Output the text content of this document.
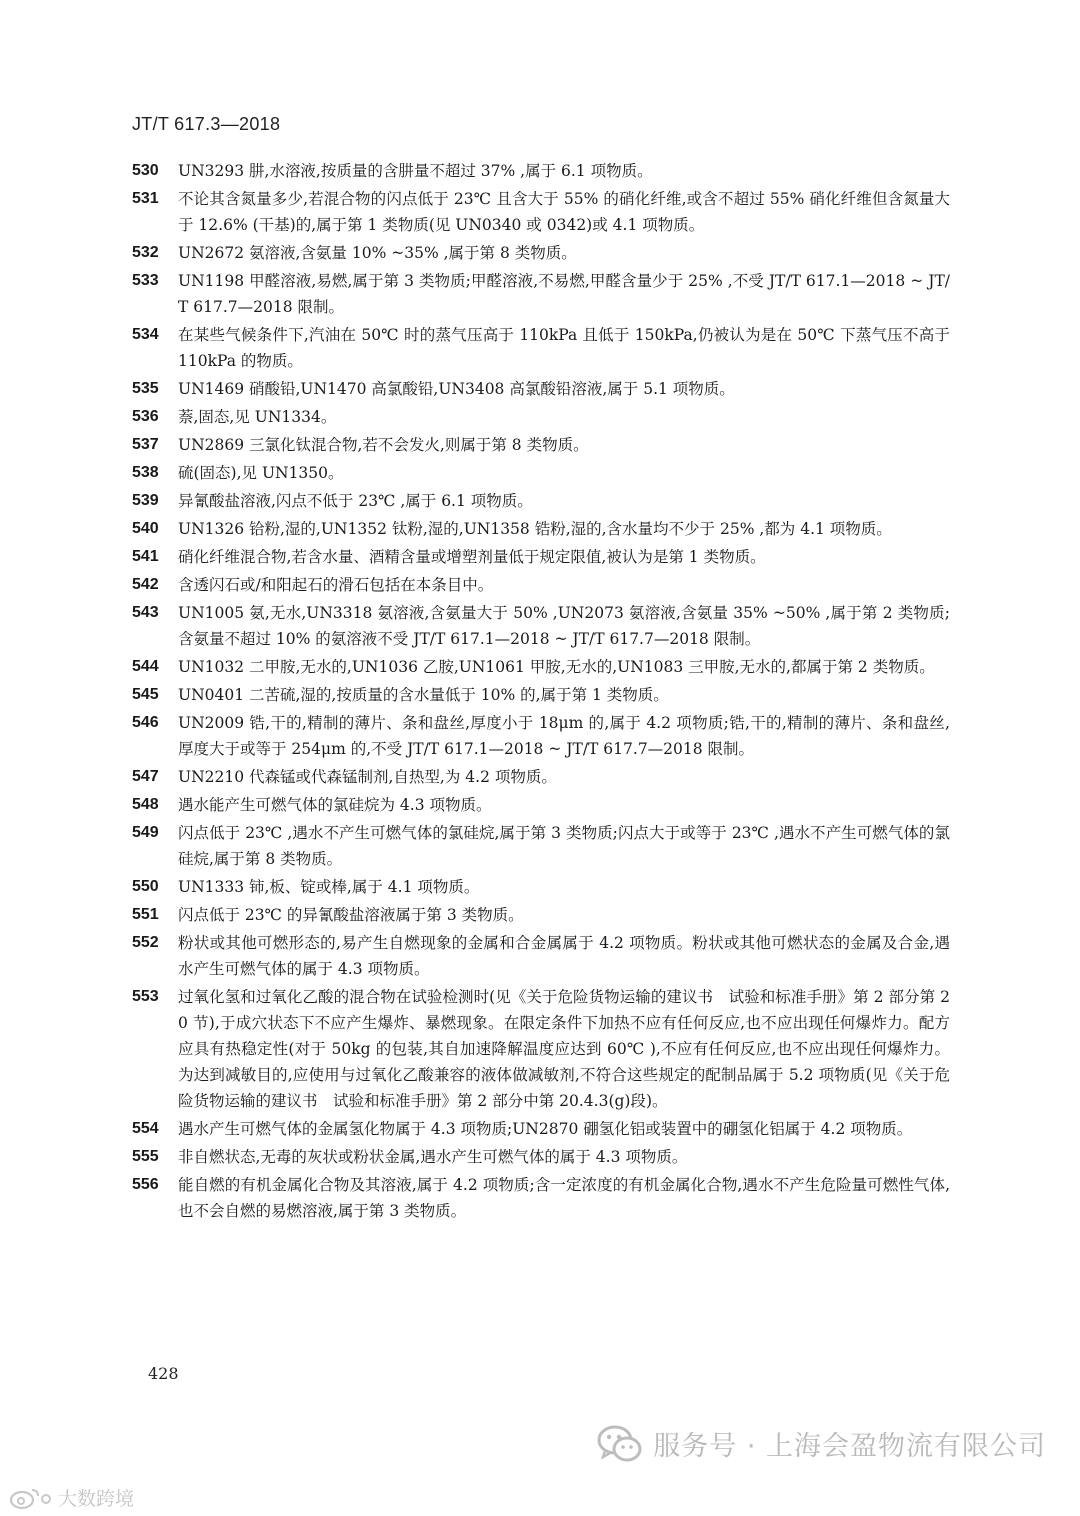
JT/T 617.3—2018
530	UN3293 肼,水溶液,按质量的含肼量不超过 37% ,属于 6.1 项物质。
531	不论其含氮量多少,若混合物的闪点低于 23℃ 且含大于 55% 的硝化纤维,或含不超过 55% 硝化纤维但含氮量大于 12.6% (干基)的,属于第 1 类物质(见 UN0340 或 0342)或 4.1 项物质。
532	UN2672 氨溶液,含氨量 10% ~35% ,属于第 8 类物质。
533	UN1198 甲醛溶液,易燃,属于第 3 类物质;甲醛溶液,不易燃,甲醛含量少于 25% ,不受 JT/T 617.1—2018 ~ JT/T 617.7—2018 限制。
534	在某些气候条件下,汽油在 50℃ 时的蒸气压高于 110kPa 且低于 150kPa,仍被认为是在 50℃ 下蒸气压不高于 110kPa 的物质。
535	UN1469 硝酸铅,UN1470 高氯酸铅,UN3408 高氯酸铅溶液,属于 5.1 项物质。
536	萘,固态,见 UN1334。
537	UN2869 三氯化钛混合物,若不会发火,则属于第 8 类物质。
538	硫(固态),见 UN1350。
539	异氰酸盐溶液,闪点不低于 23℃ ,属于 6.1 项物质。
540	UN1326 铪粉,湿的,UN1352 钛粉,湿的,UN1358 锆粉,湿的,含水量均不少于 25% ,都为 4.1 项物质。
541	硝化纤维混合物,若含水量、酒精含量或增塑剂量低于规定限值,被认为是第 1 类物质。
542	含透闪石或/和阳起石的滑石包括在本条目中。
543	UN1005 氨,无水,UN3318 氨溶液,含氨量大于 50% ,UN2073 氨溶液,含氨量 35% ~50% ,属于第 2 类物质;含氨量不超过 10% 的氨溶液不受 JT/T 617.1—2018 ~ JT/T 617.7—2018 限制。
544	UN1032 二甲胺,无水的,UN1036 乙胺,UN1061 甲胺,无水的,UN1083 三甲胺,无水的,都属于第 2 类物质。
545	UN0401 二苦硫,湿的,按质量的含水量低于 10% 的,属于第 1 类物质。
546	UN2009 锆,干的,精制的薄片、条和盘丝,厚度小于 18μm 的,属于 4.2 项物质;锆,干的,精制的薄片、条和盘丝,厚度大于或等于 254μm 的,不受 JT/T 617.1—2018 ~ JT/T 617.7—2018 限制。
547	UN2210 代森锰或代森锰制剂,自热型,为 4.2 项物质。
548	遇水能产生可燃气体的氯硅烷为 4.3 项物质。
549	闪点低于 23℃ ,遇水不产生可燃气体的氯硅烷,属于第 3 类物质;闪点大于或等于 23℃ ,遇水不产生可燃气体的氯硅烷,属于第 8 类物质。
550	UN1333 铈,板、锭或棒,属于 4.1 项物质。
551	闪点低于 23℃ 的异氰酸盐溶液属于第 3 类物质。
552	粉状或其他可燃形态的,易产生自燃现象的金属和合金属属于 4.2 项物质。粉状或其他可燃状态的金属及合金,遇水产生可燃气体的属于 4.3 项物质。
553	过氧化氢和过氧化乙酸的混合物在试验检测时(见《关于危险货物运输的建议书　试验和标准手册》第 2 部分第 20 节),于成穴状态下不应产生爆炸、暴燃现象。在限定条件下加热不应有任何反应,也不应出现任何爆炸力。配方应具有热稳定性(对于 50kg 的包装,其自加速降解温度应达到 60℃ ),不应有任何反应,也不应出现任何爆炸力。为达到减敏目的,应使用与过氧化乙酸兼容的液体做减敏剂,不符合这些规定的配制品属于 5.2 项物质(见《关于危险货物运输的建议书　试验和标准手册》第 2 部分中第 20.4.3(g)段)。
554	遇水产生可燃气体的金属氢化物属于 4.3 项物质;UN2870 硼氢化铝或装置中的硼氢化铝属于 4.2 项物质。
555	非自燃状态,无毒的灰状或粉状金属,遇水产生可燃气体的属于 4.3 项物质。
556	能自燃的有机金属化合物及其溶液,属于 4.2 项物质;含一定浓度的有机金属化合物,遇水不产生危险量可燃性气体,也不会自燃的易燃溶液,属于第 3 类物质。
428
服务号 · 上海会盈物流有限公司
大数跨境
